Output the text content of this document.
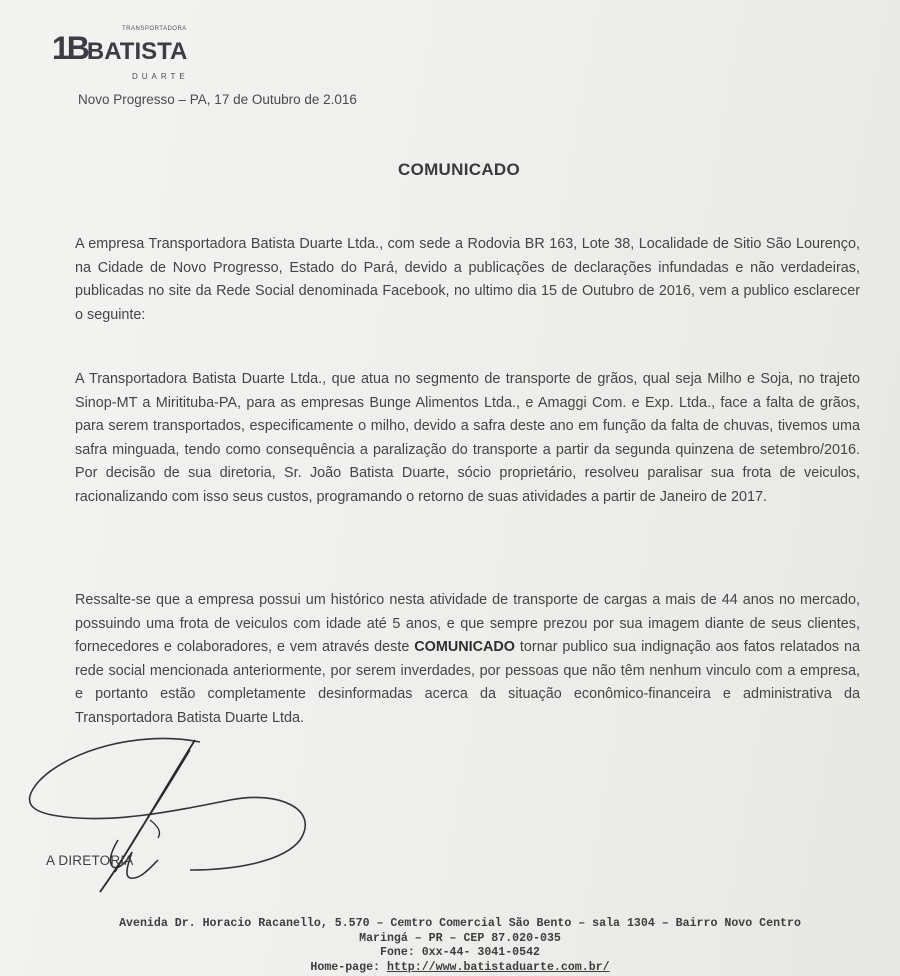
1BBATISTA
TRANSPORTADORA
DUARTE
Novo Progresso – PA, 17 de Outubro de 2.016
COMUNICADO
A empresa Transportadora Batista Duarte Ltda., com sede a Rodovia BR 163, Lote 38, Localidade de Sitio São Lourenço, na Cidade de Novo Progresso, Estado do Pará, devido a publicações de declarações infundadas e não verdadeiras, publicadas no site da Rede Social denominada Facebook, no ultimo dia 15 de Outubro de 2016, vem a publico esclarecer o seguinte:
A Transportadora Batista Duarte Ltda., que atua no segmento de transporte de grãos, qual seja Milho e Soja, no trajeto Sinop-MT a Miritituba-PA, para as empresas Bunge Alimentos Ltda., e Amaggi Com. e Exp. Ltda., face a falta de grãos, para serem transportados, especificamente o milho, devido a safra deste ano em função da falta de chuvas, tivemos uma safra minguada, tendo como consequência a paralização do transporte a partir da segunda quinzena de setembro/2016. Por decisão de sua diretoria, Sr. João Batista Duarte, sócio proprietário, resolveu paralisar sua frota de veiculos, racionalizando com isso seus custos, programando o retorno de suas atividades a partir de Janeiro de 2017.
Ressalte-se que a empresa possui um histórico nesta atividade de transporte de cargas a mais de 44 anos no mercado, possuindo uma frota de veiculos com idade até 5 anos, e que sempre prezou por sua imagem diante de seus clientes, fornecedores e colaboradores, e vem através deste COMUNICADO tornar publico sua indignação aos fatos relatados na rede social mencionada anteriormente, por serem inverdades, por pessoas que não têm nenhum vinculo com a empresa, e portanto estão completamente desinformadas acerca da situação econômico-financeira e administrativa da Transportadora Batista Duarte Ltda.
A DIRETORIA
Avenida Dr. Horacio Racanello, 5.570 – Cemtro Comercial São Bento – sala 1304 – Bairro Novo Centro
Maringá – PR – CEP 87.020-035
Fone: 0xx-44- 3041-0542
Home-page: http://www.batistaduarte.com.br/
